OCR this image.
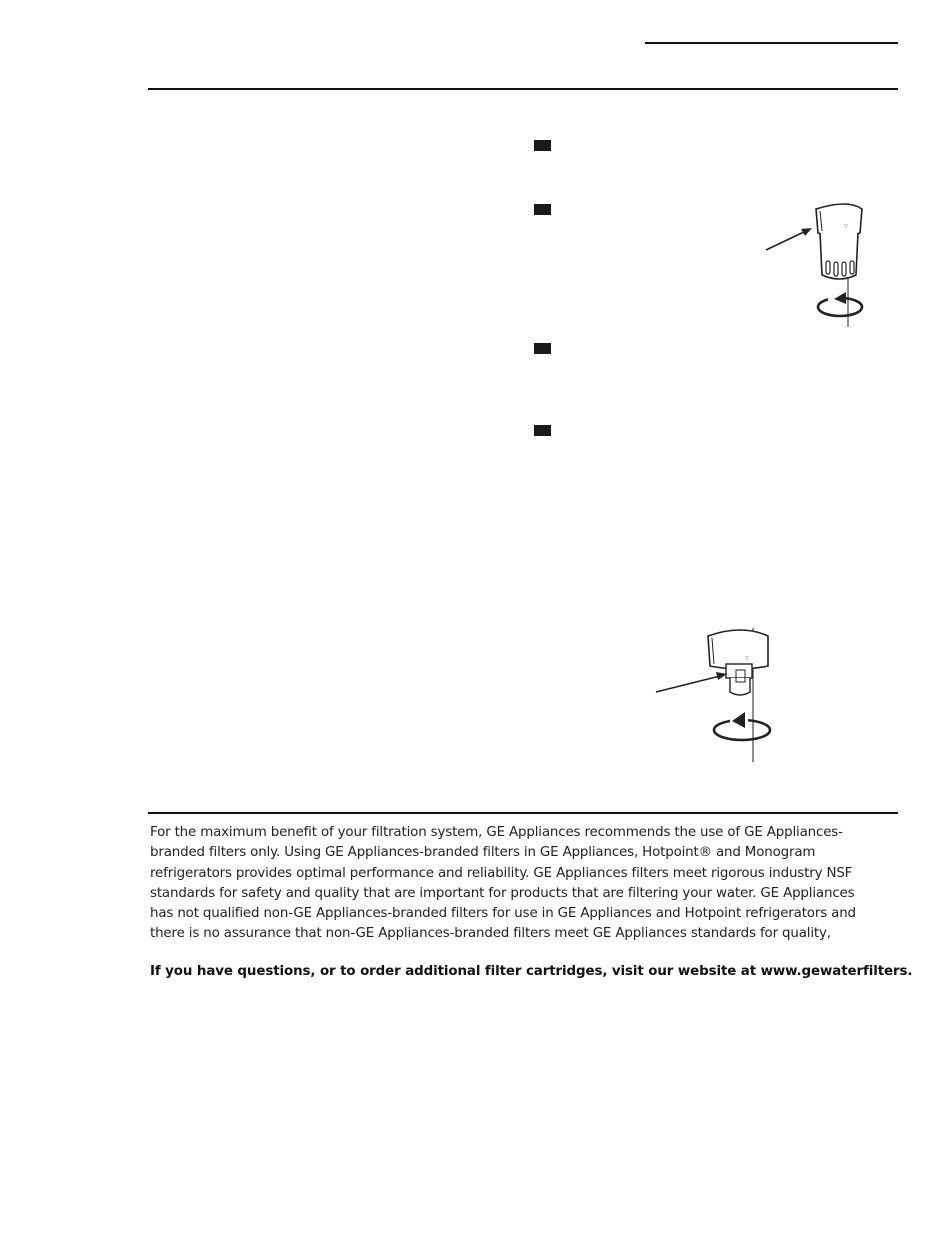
▽
▽
For the maximum benefit of your filtration system, GE Appliances recommends the use of GE Appliances-
branded filters only. Using GE Appliances-branded filters in GE Appliances, Hotpoint® and Monogram
refrigerators provides optimal performance and reliability. GE Appliances filters meet rigorous industry NSF
standards for safety and quality that are important for products that are filtering your water. GE Appliances
has not qualified non-GE Appliances-branded filters for use in GE Appliances and Hotpoint refrigerators and
there is no assurance that non-GE Appliances-branded filters meet GE Appliances standards for quality,
If you have questions, or to order additional filter cartridges, visit our website at www.gewaterfilters.
